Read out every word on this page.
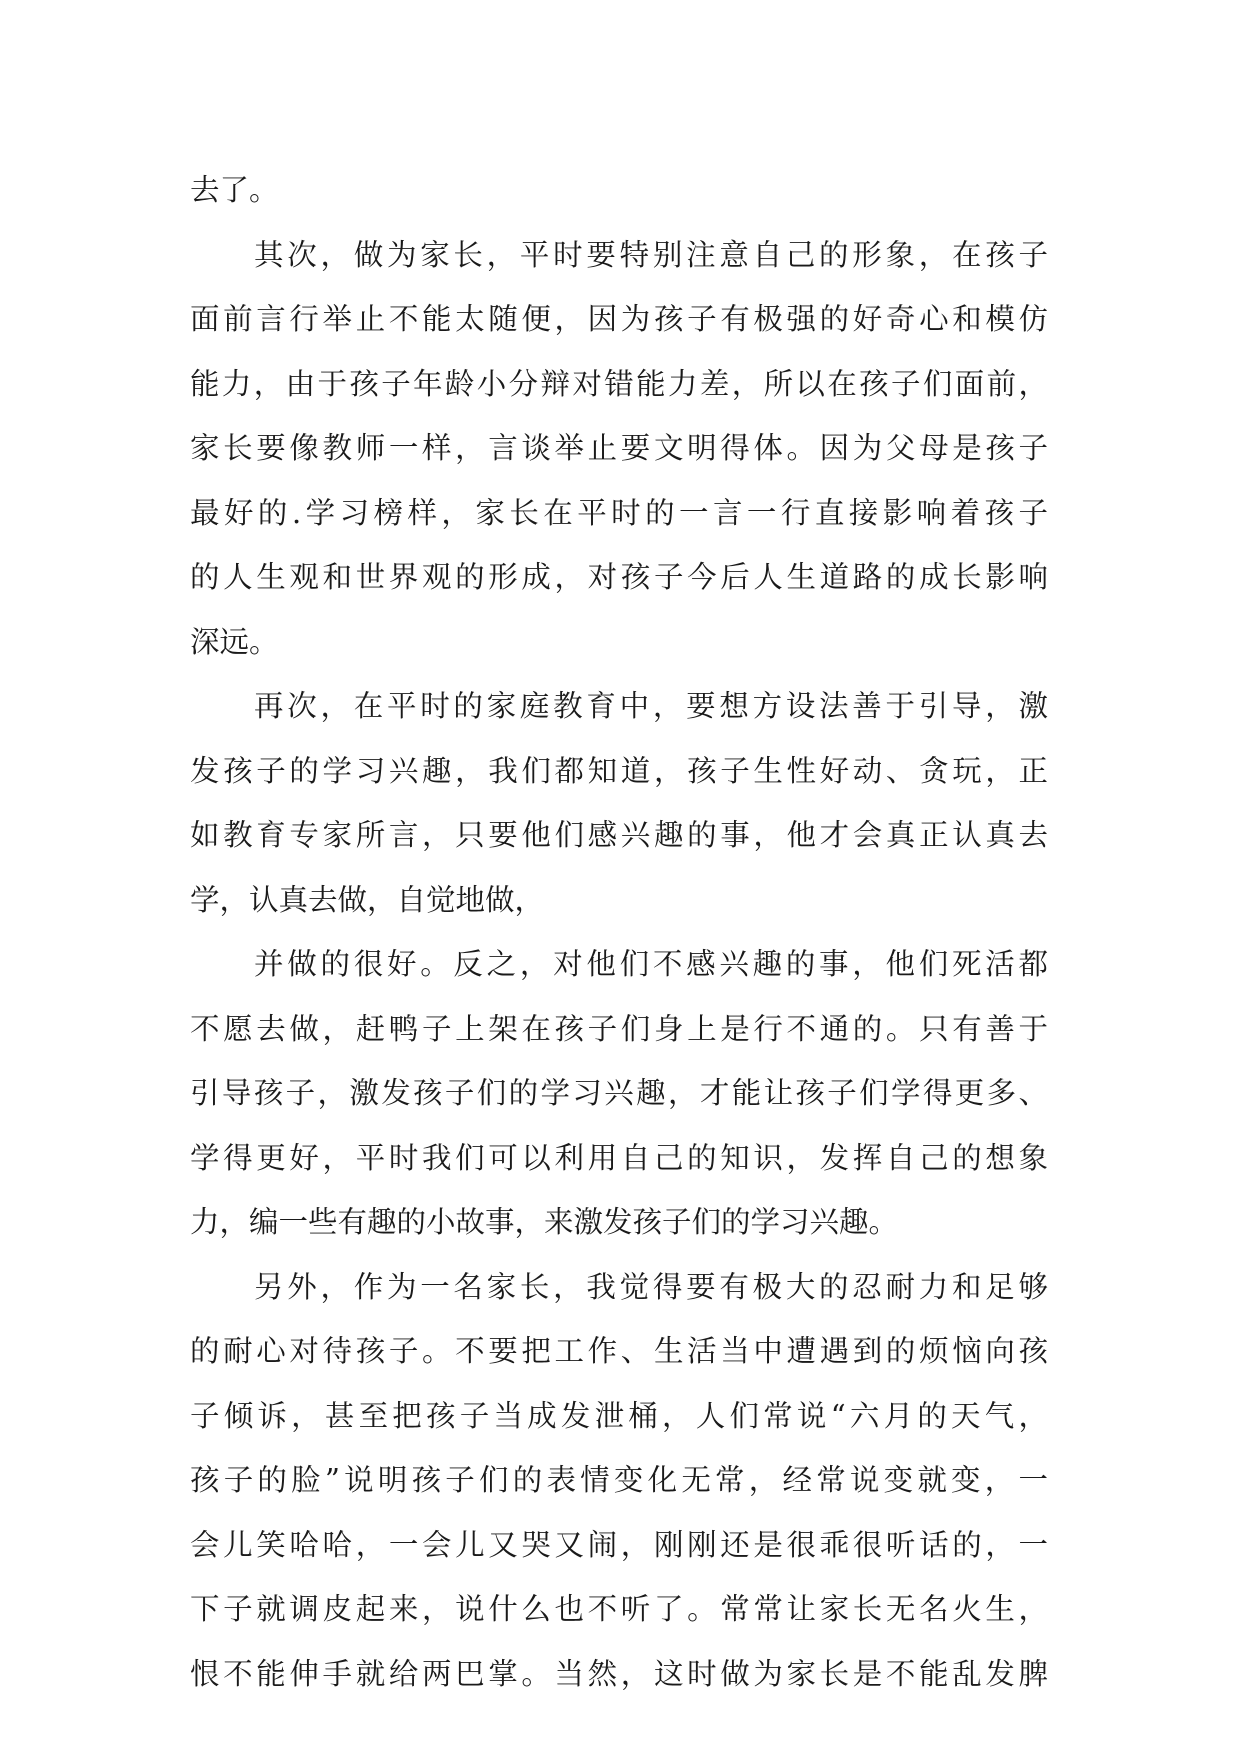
去了。
其次，做为家长，平时要特别注意自己的形象，在孩子
面前言行举止不能太随便，因为孩子有极强的好奇心和模仿
能力，由于孩子年龄小分辩对错能力差，所以在孩子们面前，
家长要像教师一样，言谈举止要文明得体。因为父母是孩子
最好的.学习榜样，家长在平时的一言一行直接影响着孩子
的人生观和世界观的形成，对孩子今后人生道路的成长影响
深远。
再次，在平时的家庭教育中，要想方设法善于引导，激
发孩子的学习兴趣，我们都知道，孩子生性好动、贪玩，正
如教育专家所言，只要他们感兴趣的事，他才会真正认真去
学，认真去做，自觉地做，
并做的很好。反之，对他们不感兴趣的事，他们死活都
不愿去做，赶鸭子上架在孩子们身上是行不通的。只有善于
引导孩子，激发孩子们的学习兴趣，才能让孩子们学得更多、
学得更好，平时我们可以利用自己的知识，发挥自己的想象
力，编一些有趣的小故事，来激发孩子们的学习兴趣。
另外，作为一名家长，我觉得要有极大的忍耐力和足够
的耐心对待孩子。不要把工作、生活当中遭遇到的烦恼向孩
子倾诉，甚至把孩子当成发泄桶，人们常说“六月的天气，
孩子的脸”说明孩子们的表情变化无常，经常说变就变，一
会儿笑哈哈，一会儿又哭又闹，刚刚还是很乖很听话的，一
下子就调皮起来，说什么也不听了。常常让家长无名火生，
恨不能伸手就给两巴掌。当然，这时做为家长是不能乱发脾
